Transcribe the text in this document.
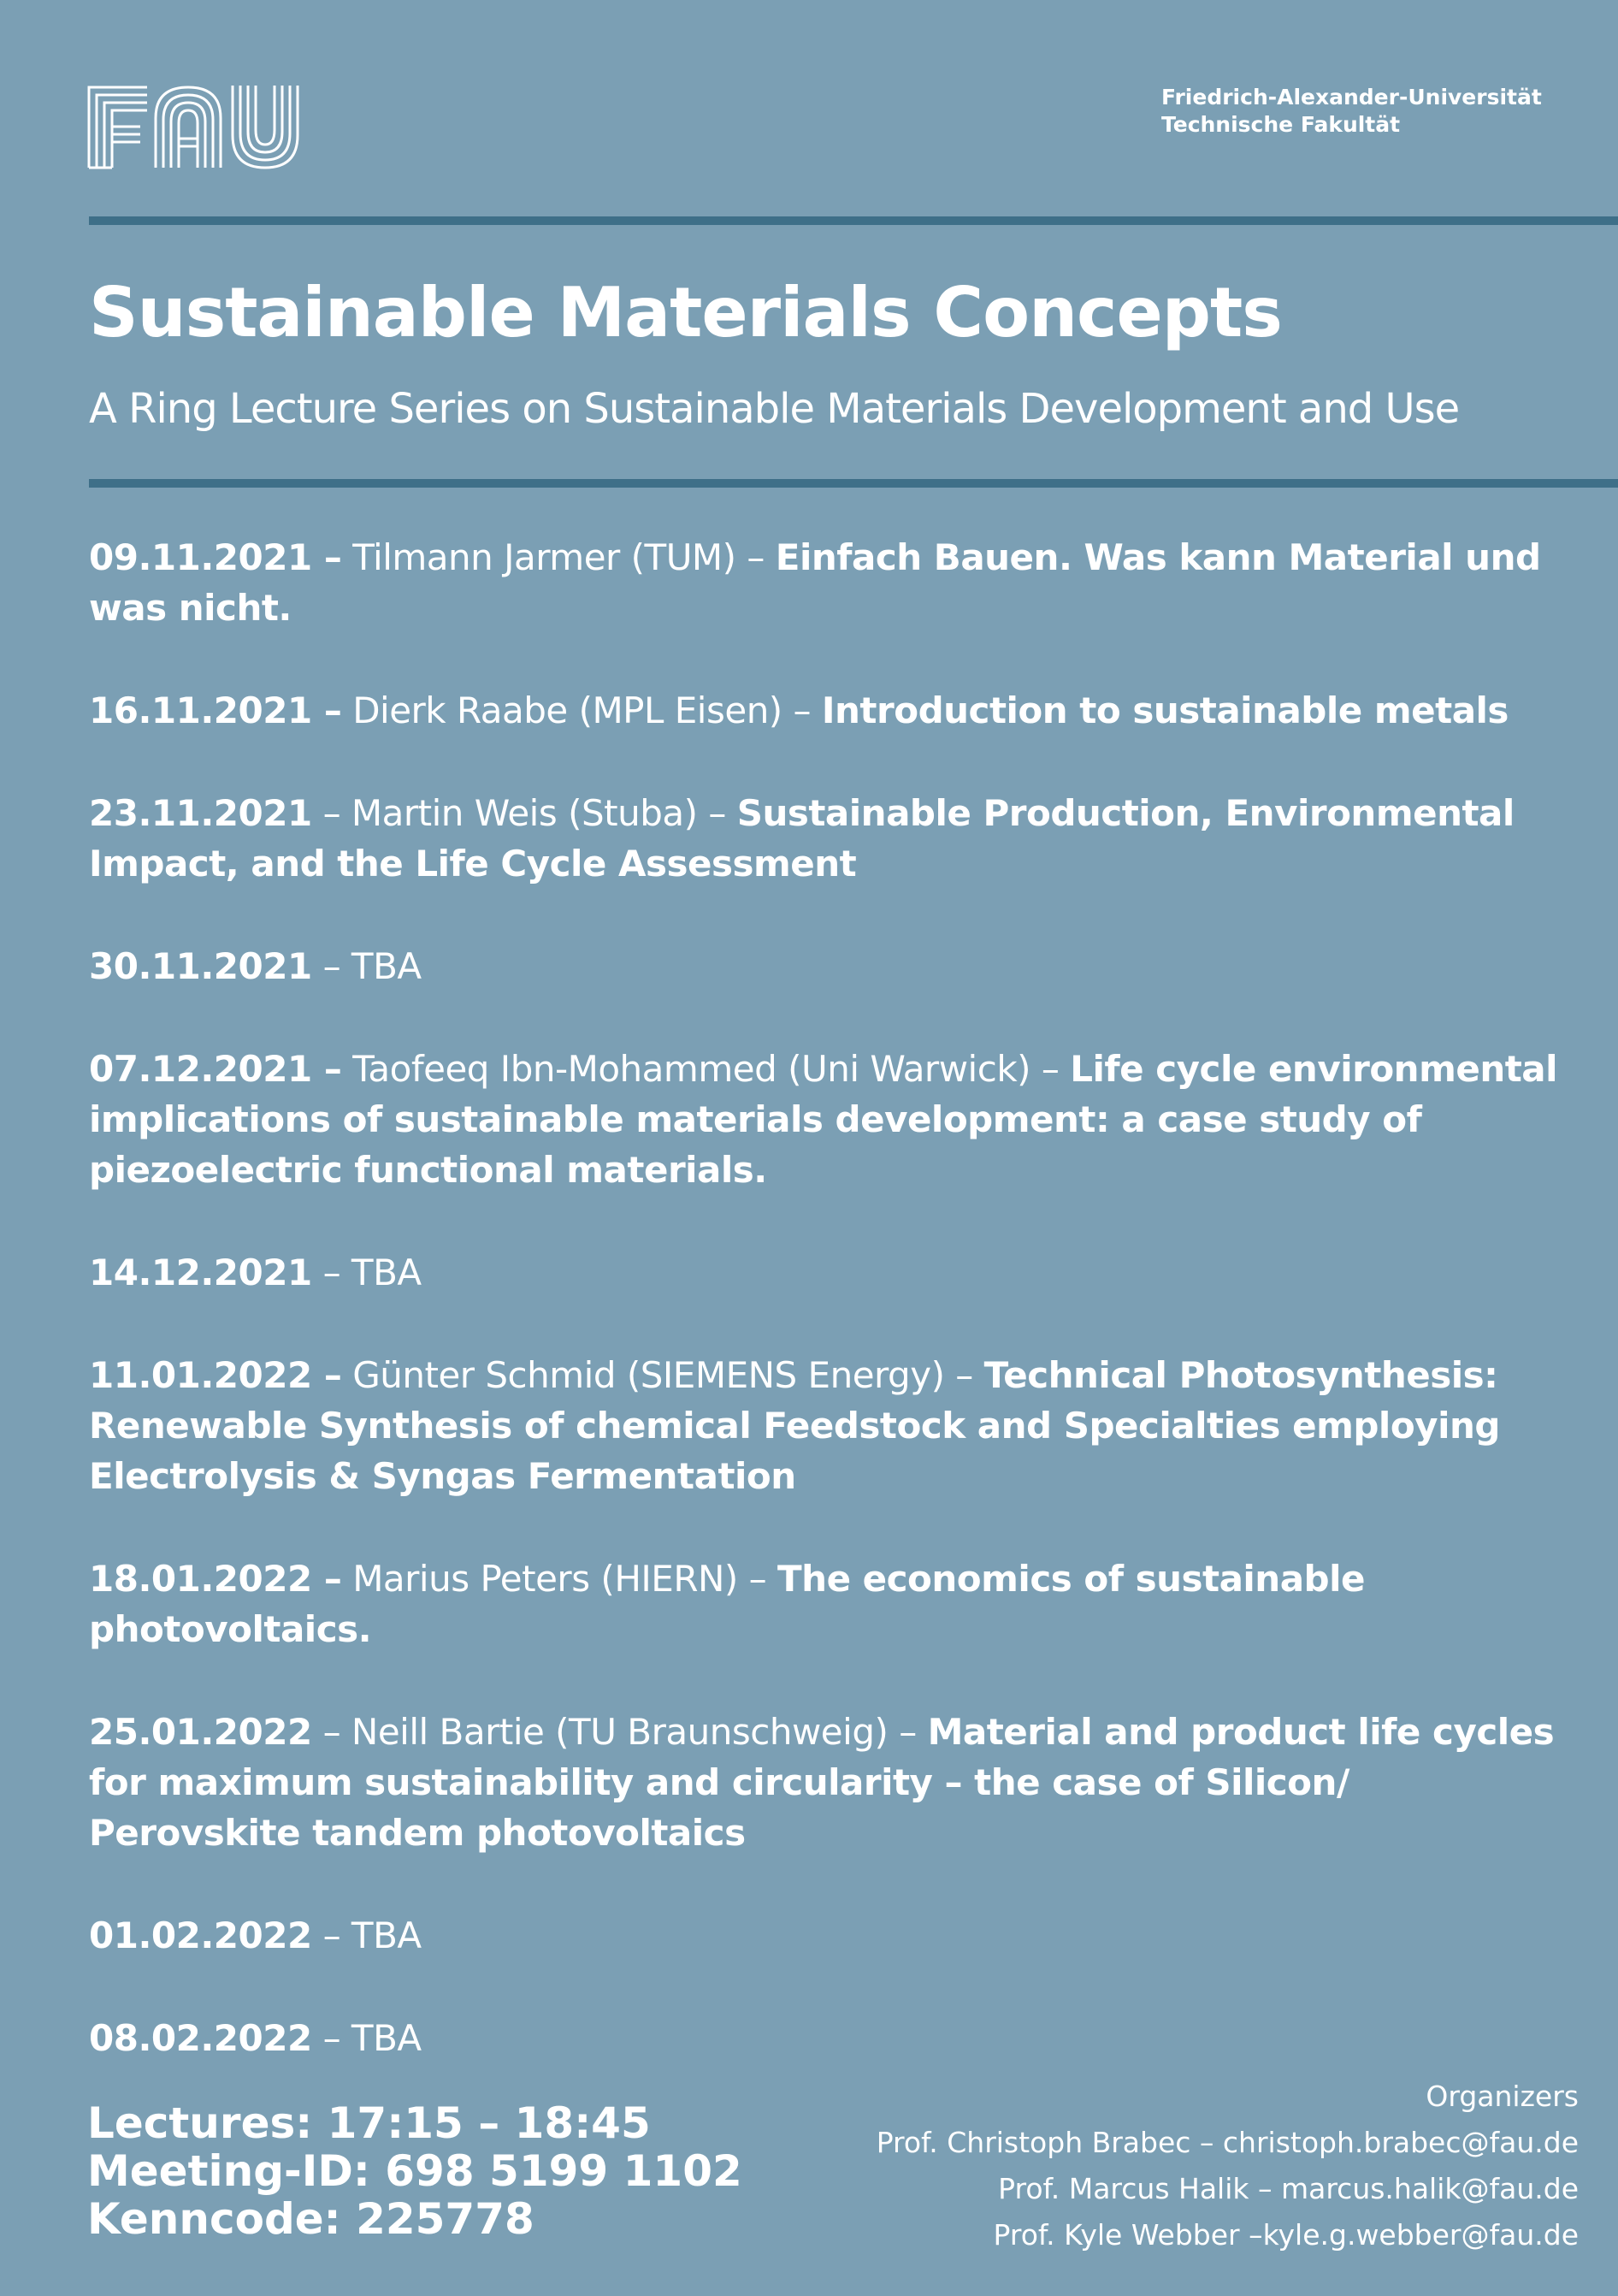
Friedrich-Alexander-Universität
Technische Fakultät
Sustainable Materials Concepts
A Ring Lecture Series on Sustainable Materials Development and Use
09.11.2021 – Tilmann Jarmer (TUM) – Einfach Bauen. Was kann Material und was nicht.
16.11.2021 – Dierk Raabe (MPL Eisen) – Introduction to sustainable metals
23.11.2021 – Martin Weis (Stuba) – Sustainable Production, Environmental Impact, and the Life Cycle Assessment
30.11.2021 – TBA
07.12.2021 – Taofeeq Ibn-Mohammed (Uni Warwick) – Life cycle environmental implications of sustainable materials development: a case study of piezoelectric functional materials.
14.12.2021 – TBA
11.01.2022 – Günter Schmid (SIEMENS Energy) – Technical Photosynthesis: Renewable Synthesis of chemical Feedstock and Specialties employing Electrolysis & Syngas Fermentation
18.01.2022 – Marius Peters (HIERN) – The economics of sustainable photovoltaics.
25.01.2022 – Neill Bartie (TU Braunschweig) – Material and product life cycles for maximum sustainability and circularity – the case of Silicon/ Perovskite tandem photovoltaics
01.02.2022 – TBA
08.02.2022 – TBA
Lectures: 17:15 – 18:45
Meeting-ID: 698 5199 1102
Kenncode: 225778
Organizers
Prof. Christoph Brabec – christoph.brabec@fau.de
Prof. Marcus Halik – marcus.halik@fau.de
Prof. Kyle Webber –kyle.g.webber@fau.de
